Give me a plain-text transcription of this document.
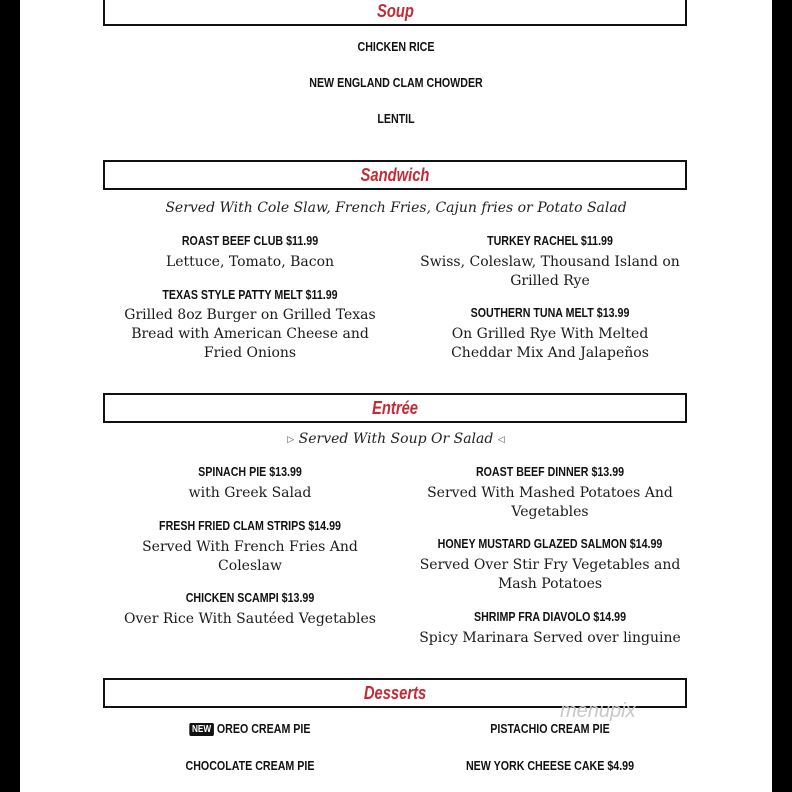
Soup
CHICKEN RICE
NEW ENGLAND CLAM CHOWDER
LENTIL
Sandwich
Served With Cole Slaw, French Fries, Cajun fries or Potato Salad
ROAST BEEF CLUB $11.99
Lettuce, Tomato, Bacon
TURKEY RACHEL $11.99
Swiss, Coleslaw, Thousand Island on
Grilled Rye
TEXAS STYLE PATTY MELT $11.99
Grilled 8oz Burger on Grilled Texas
Bread with American Cheese and
Fried Onions
SOUTHERN TUNA MELT $13.99
On Grilled Rye With Melted
Cheddar Mix And Jalapeños
Entrée
▷ Served With Soup Or Salad ◁
SPINACH PIE $13.99
with Greek Salad
ROAST BEEF DINNER $13.99
Served With Mashed Potatoes And
Vegetables
FRESH FRIED CLAM STRIPS $14.99
Served With French Fries And
Coleslaw
HONEY MUSTARD GLAZED SALMON $14.99
Served Over Stir Fry Vegetables and
Mash Potatoes
CHICKEN SCAMPI $13.99
Over Rice With Sautéed Vegetables	SHRIMP FRA DIAVOLO $14.99
Spicy Marinara Served over linguine
Desserts
menupix
NEW OREO CREAM PIE	PISTACHIO CREAM PIE
CHOCOLATE CREAM PIE	NEW YORK CHEESE CAKE $4.99
